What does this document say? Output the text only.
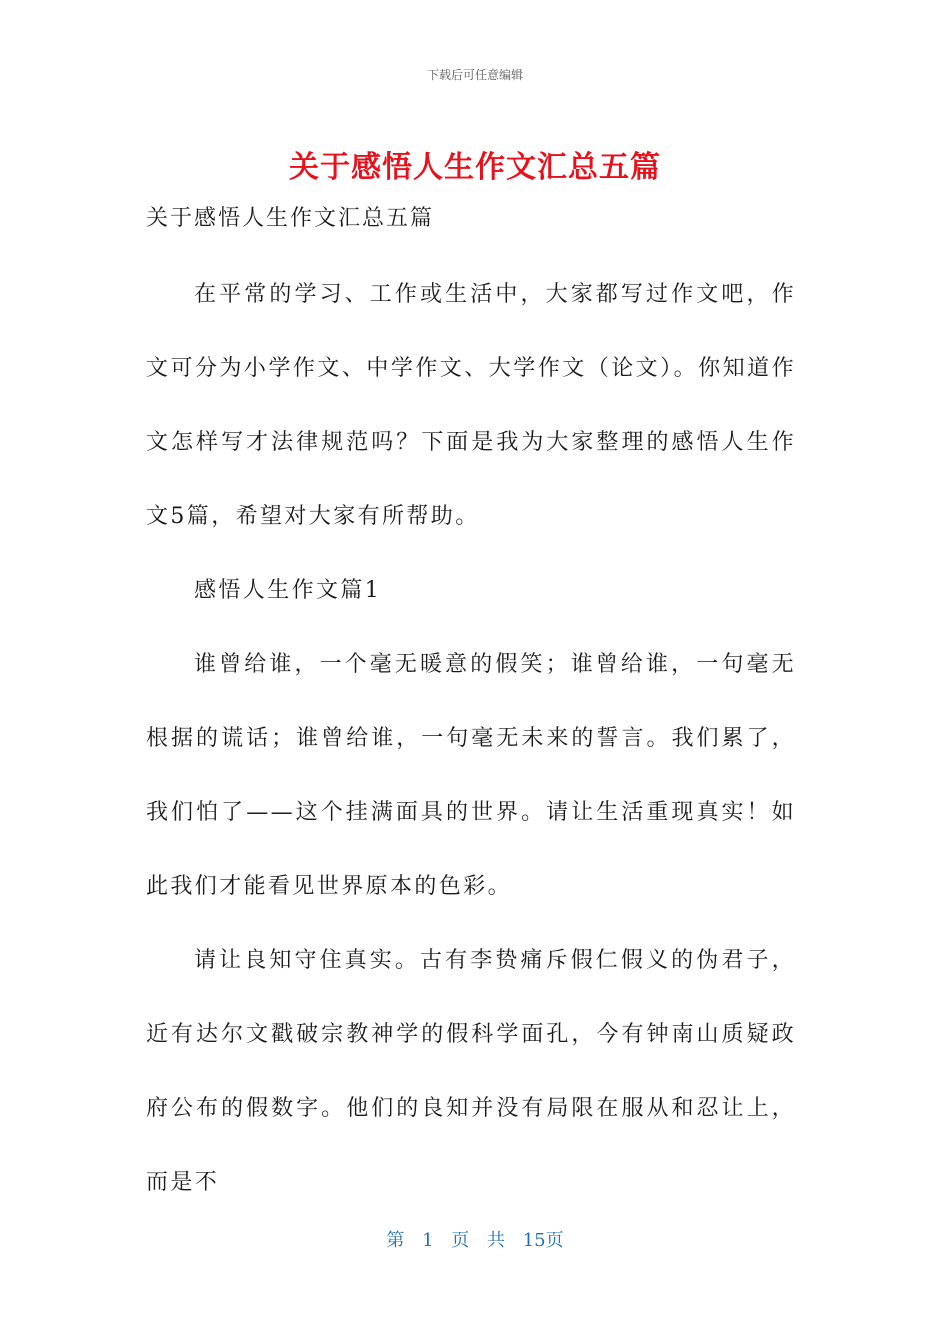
下载后可任意编辑
关于感悟人生作文汇总五篇
关于感悟人生作文汇总五篇

在平常的学习、工作或生活中，大家都写过作文吧，作文可分为小学作文、中学作文、大学作文（论文）。你知道作文怎样写才法律规范吗？下面是我为大家整理的感悟人生作文5篇，希望对大家有所帮助。

感悟人生作文篇1

谁曾给谁，一个毫无暖意的假笑；谁曾给谁，一句毫无根据的谎话；谁曾给谁，一句毫无未来的誓言。我们累了，我们怕了——这个挂满面具的世界。请让生活重现真实！如此我们才能看见世界原本的色彩。

请让良知守住真实。古有李贽痛斥假仁假义的伪君子，近有达尔文戳破宗教神学的假科学面孔，今有钟南山质疑政府公布的假数字。他们的良知并没有局限在服从和忍让上，而是不

第 1 页 共 15页
